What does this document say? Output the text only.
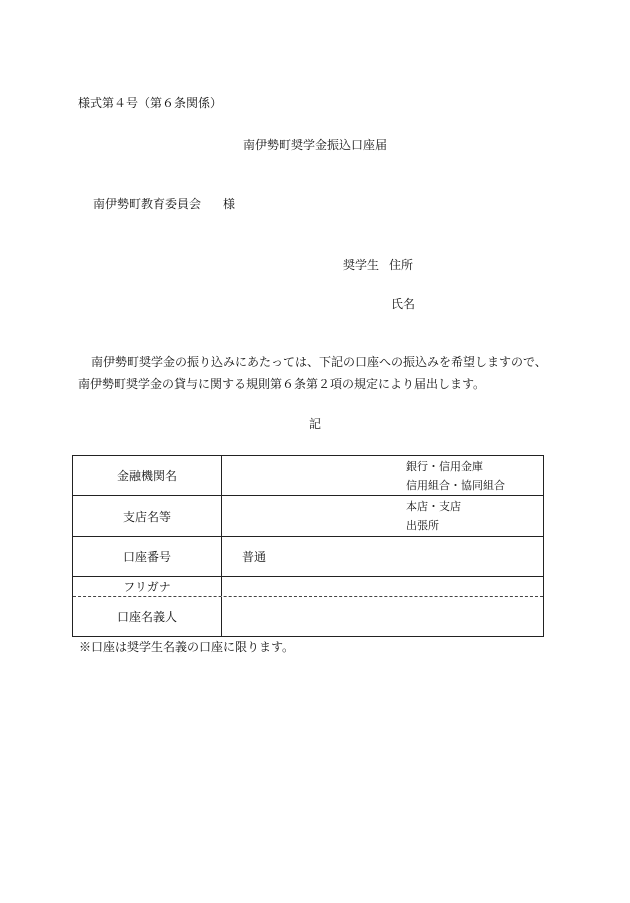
様式第４号（第６条関係）
南伊勢町奨学金振込口座届
南伊勢町教育委員会 様
奨学生 住所
氏名
南伊勢町奨学金の振り込みにあたっては、下記の口座への振込みを希望しますので、
南伊勢町奨学金の貸与に関する規則第６条第２項の規定により届出します。
記
金融機関名
銀行・信用金庫
信用組合・協同組合
支店名等
本店・支店
出張所
口座番号	普通
フリガナ
口座名義人
※口座は奨学生名義の口座に限ります。
